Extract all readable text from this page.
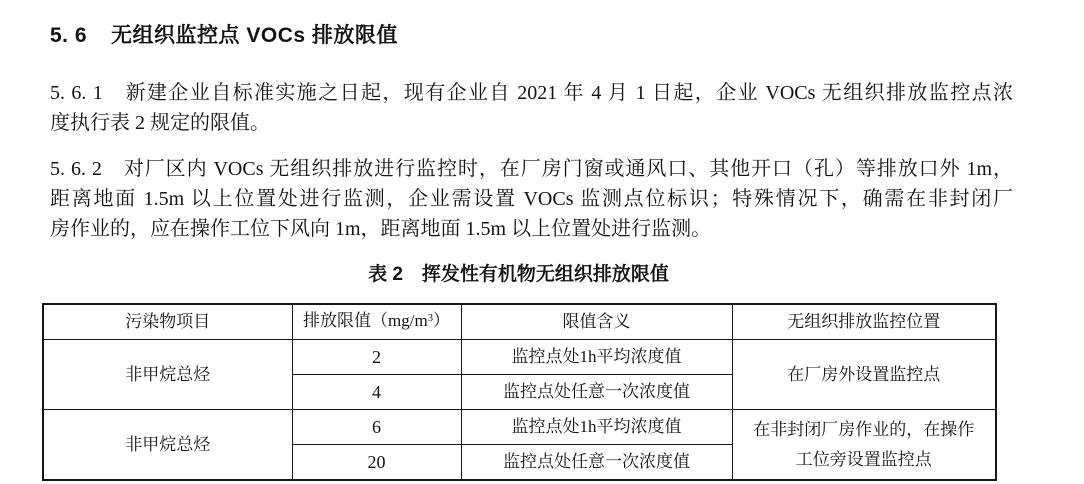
5. 6 无组织监控点 VOCs 排放限值
5. 6. 1　新建企业自标准实施之日起，现有企业自 2021 年 4 月 1 日起，企业 VOCs 无组织排放监控点浓
度执行表 2 规定的限值。
5. 6. 2　对厂区内 VOCs 无组织排放进行监控时，在厂房门窗或通风口、其他开口（孔）等排放口外 1m，
距离地面 1.5m 以上位置处进行监测，企业需设置 VOCs 监测点位标识；特殊情况下，确需在非封闭厂
房作业的，应在操作工位下风向 1m，距离地面 1.5m 以上位置处进行监测。
表 2　挥发性有机物无组织排放限值
污染物项目	排放限值$(mg/m^3)$	限值含义	无组织排放监控位置
非甲烷总烃	2	监控点处1h平均浓度值	在厂房外设置监控点
	4	监控点处任意一次浓度值	
非甲烷总烃	6	监控点处1h平均浓度值	在非封闭厂房作业的，在操作工位旁设置监控点
	20	监控点处任意一次浓度值	
